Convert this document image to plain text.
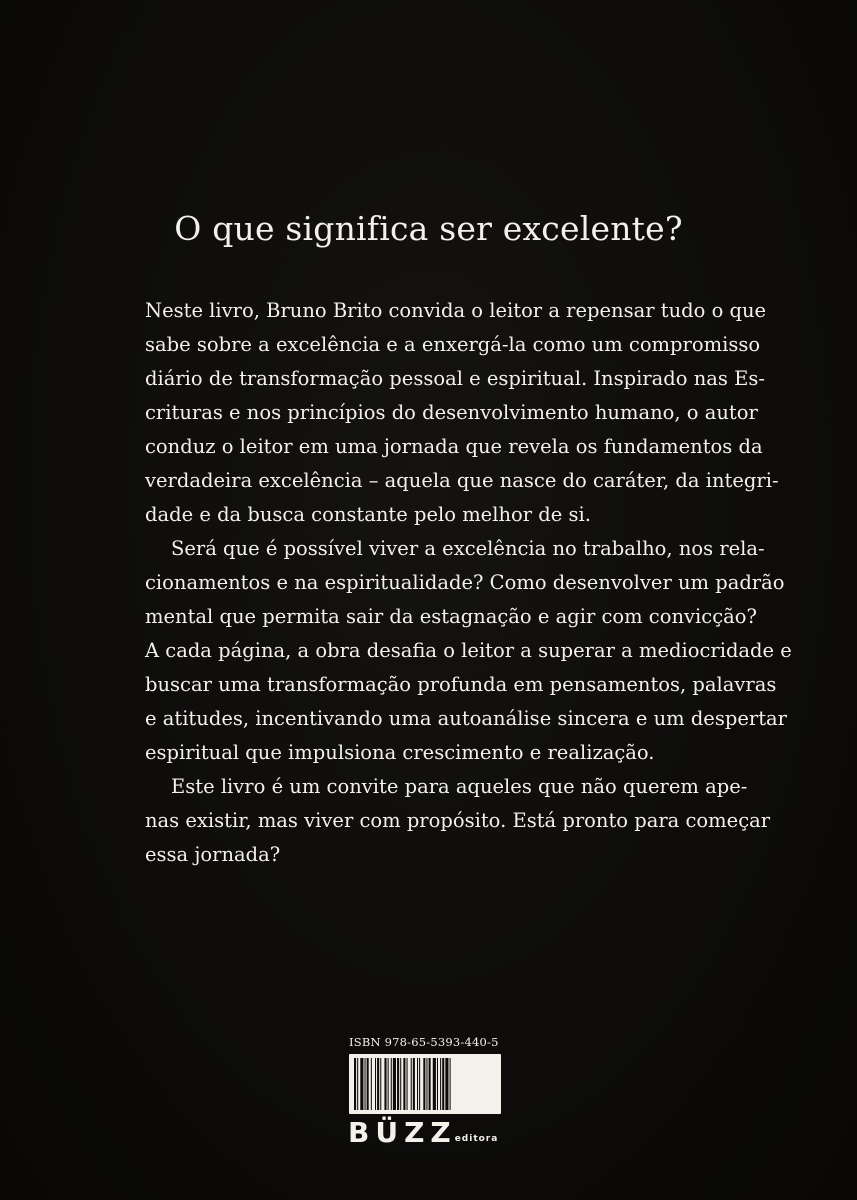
O que significa ser excelente?

Neste livro, Bruno Brito convida o leitor a repensar tudo o que
sabe sobre a excelência e a enxergá-la como um compromisso
diário de transformação pessoal e espiritual. Inspirado nas Es-
crituras e nos princípios do desenvolvimento humano, o autor
conduz o leitor em uma jornada que revela os fundamentos da
verdadeira excelência – aquela que nasce do caráter, da integri-
dade e da busca constante pelo melhor de si.

Será que é possível viver a excelência no trabalho, nos rela-
cionamentos e na espiritualidade? Como desenvolver um padrão
mental que permita sair da estagnação e agir com convicção?
A cada página, a obra desafia o leitor a superar a mediocridade e
buscar uma transformação profunda em pensamentos, palavras
e atitudes, incentivando uma autoanálise sincera e um despertar
espiritual que impulsiona crescimento e realização.

Este livro é um convite para aqueles que não querem ape-
nas existir, mas viver com propósito. Está pronto para começar
essa jornada?

ISBN 978-65-5393-440-5
BÜZZ
editora
